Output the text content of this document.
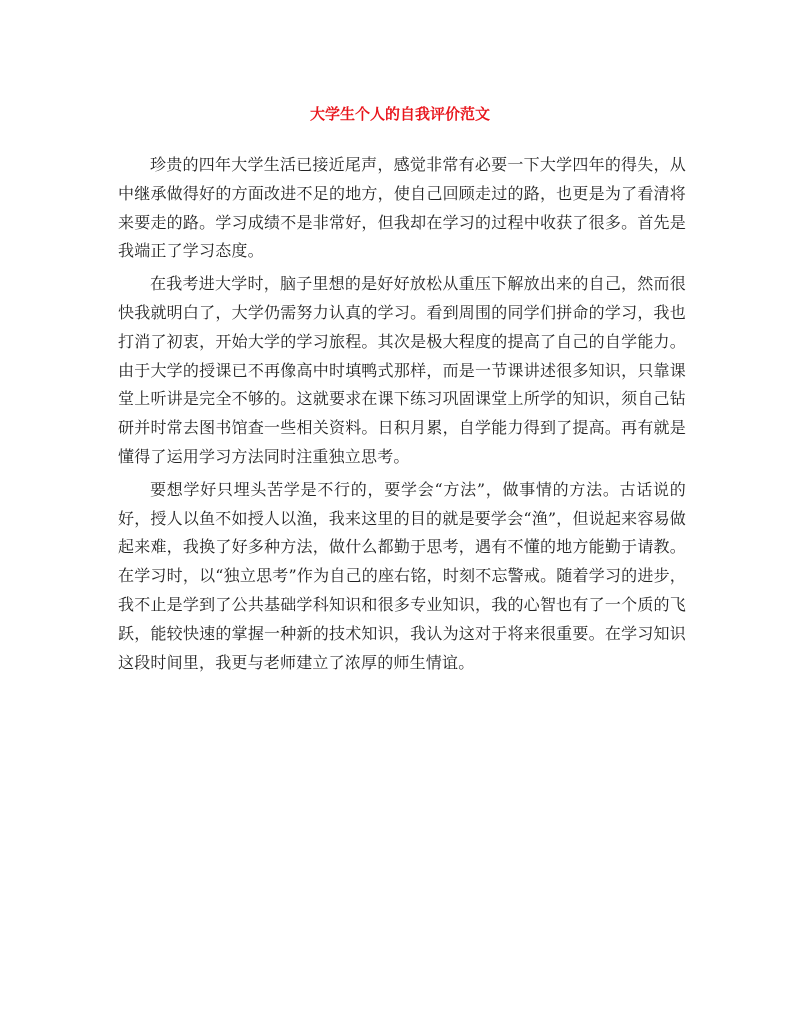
大学生个人的自我评价范文

珍贵的四年大学生活已接近尾声，感觉非常有必要一下大学四年的得失，从中继承做得好的方面改进不足的地方，使自己回顾走过的路，也更是为了看清将来要走的路。学习成绩不是非常好，但我却在学习的过程中收获了很多。首先是我端正了学习态度。

在我考进大学时，脑子里想的是好好放松从重压下解放出来的自己，然而很快我就明白了，大学仍需努力认真的学习。看到周围的同学们拼命的学习，我也打消了初衷，开始大学的学习旅程。其次是极大程度的提高了自己的自学能力。由于大学的授课已不再像高中时填鸭式那样，而是一节课讲述很多知识，只靠课堂上听讲是完全不够的。这就要求在课下练习巩固课堂上所学的知识，须自己钻研并时常去图书馆查一些相关资料。日积月累，自学能力得到了提高。再有就是懂得了运用学习方法同时注重独立思考。

要想学好只埋头苦学是不行的，要学会“方法”，做事情的方法。古话说的好，授人以鱼不如授人以渔，我来这里的目的就是要学会“渔”，但说起来容易做起来难，我换了好多种方法，做什么都勤于思考，遇有不懂的地方能勤于请教。在学习时，以“独立思考”作为自己的座右铭，时刻不忘警戒。随着学习的进步，我不止是学到了公共基础学科知识和很多专业知识，我的心智也有了一个质的飞跃，能较快速的掌握一种新的技术知识，我认为这对于将来很重要。在学习知识这段时间里，我更与老师建立了浓厚的师生情谊。
